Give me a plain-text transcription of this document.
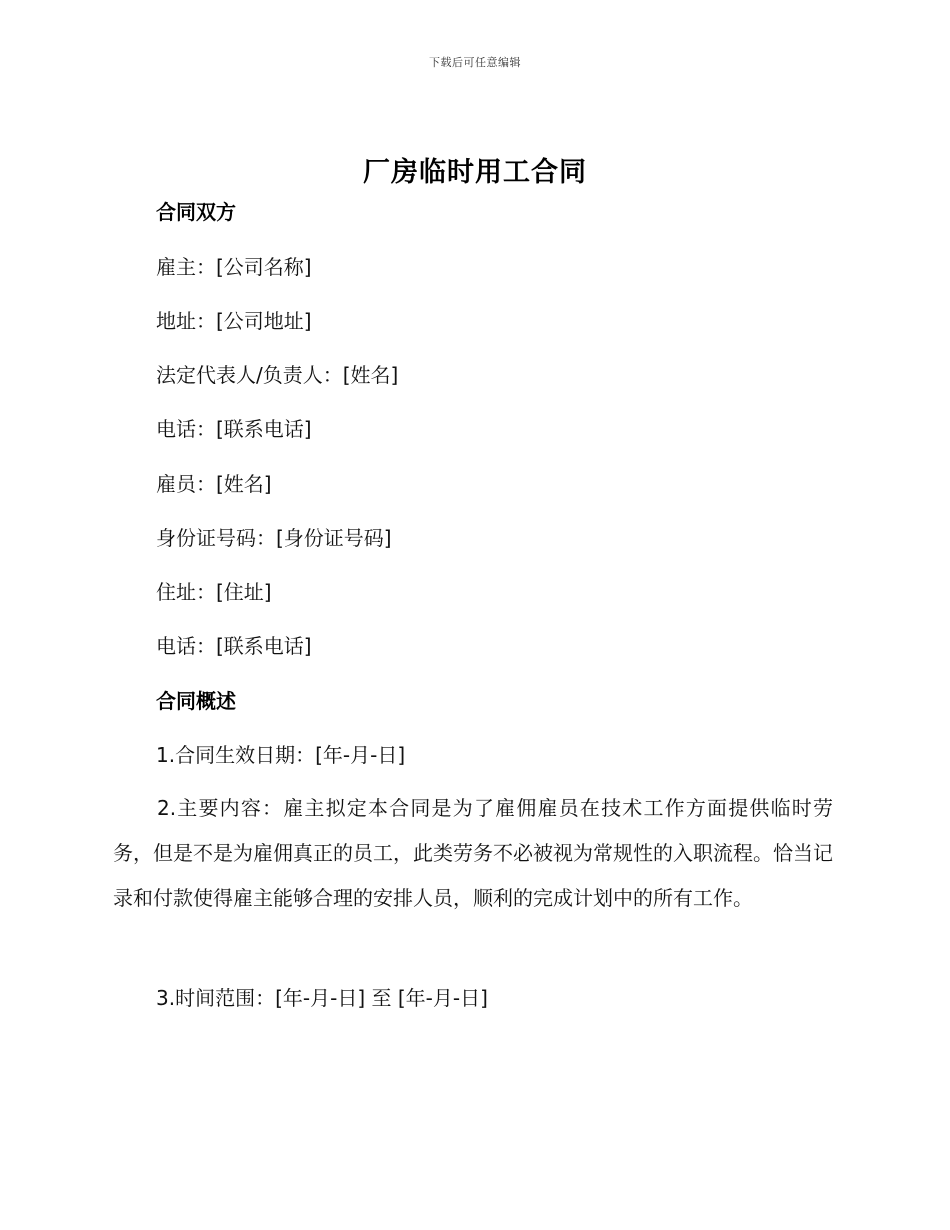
下载后可任意编辑
厂房临时用工合同
合同双方
雇主：[公司名称]
地址：[公司地址]
法定代表人/负责人：[姓名]
电话：[联系电话]
雇员：[姓名]
身份证号码：[身份证号码]
住址：[住址]
电话：[联系电话]
合同概述
1.合同生效日期：[年-月-日]
2.主要内容：雇主拟定本合同是为了雇佣雇员在技术工作方面提供临时劳务，但是不是为雇佣真正的员工，此类劳务不必被视为常规性的入职流程。恰当记录和付款使得雇主能够合理的安排人员，顺利的完成计划中的所有工作。
3.时间范围：[年-月-日] 至 [年-月-日]
